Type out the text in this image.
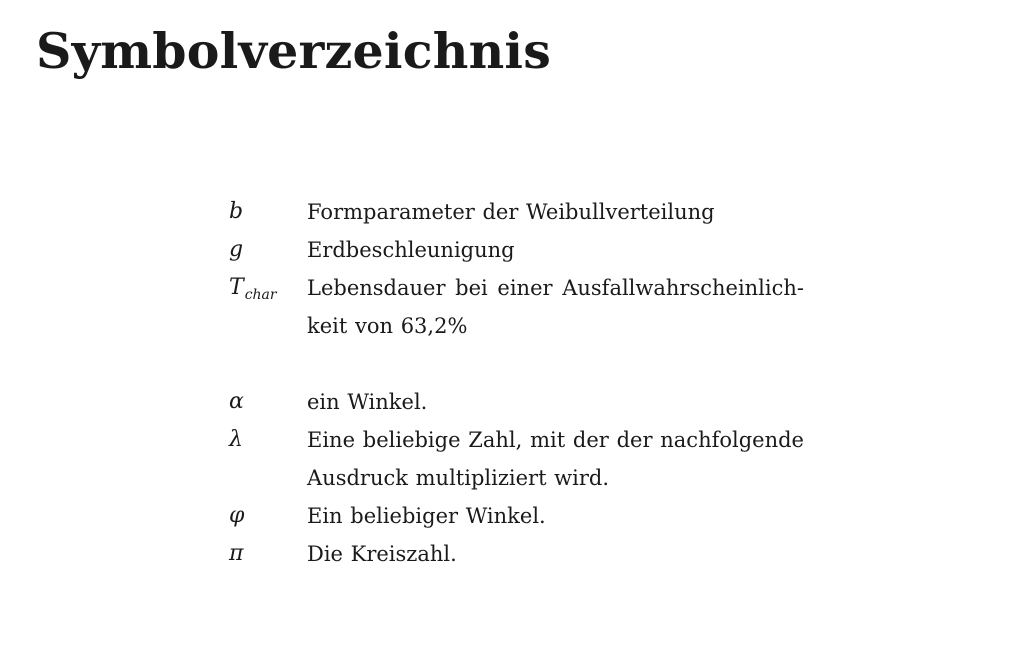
Symbolverzeichnis
b	Formparameter der Weibullverteilung
g	Erdbeschleunigung
$T_{char}$	Lebensdauer bei einer Ausfallwahrscheinlich-
keit von 63,2%
α	ein Winkel.
λ	Eine beliebige Zahl, mit der der nachfolgende
Ausdruck multipliziert wird.
φ	Ein beliebiger Winkel.
π	Die Kreiszahl.
